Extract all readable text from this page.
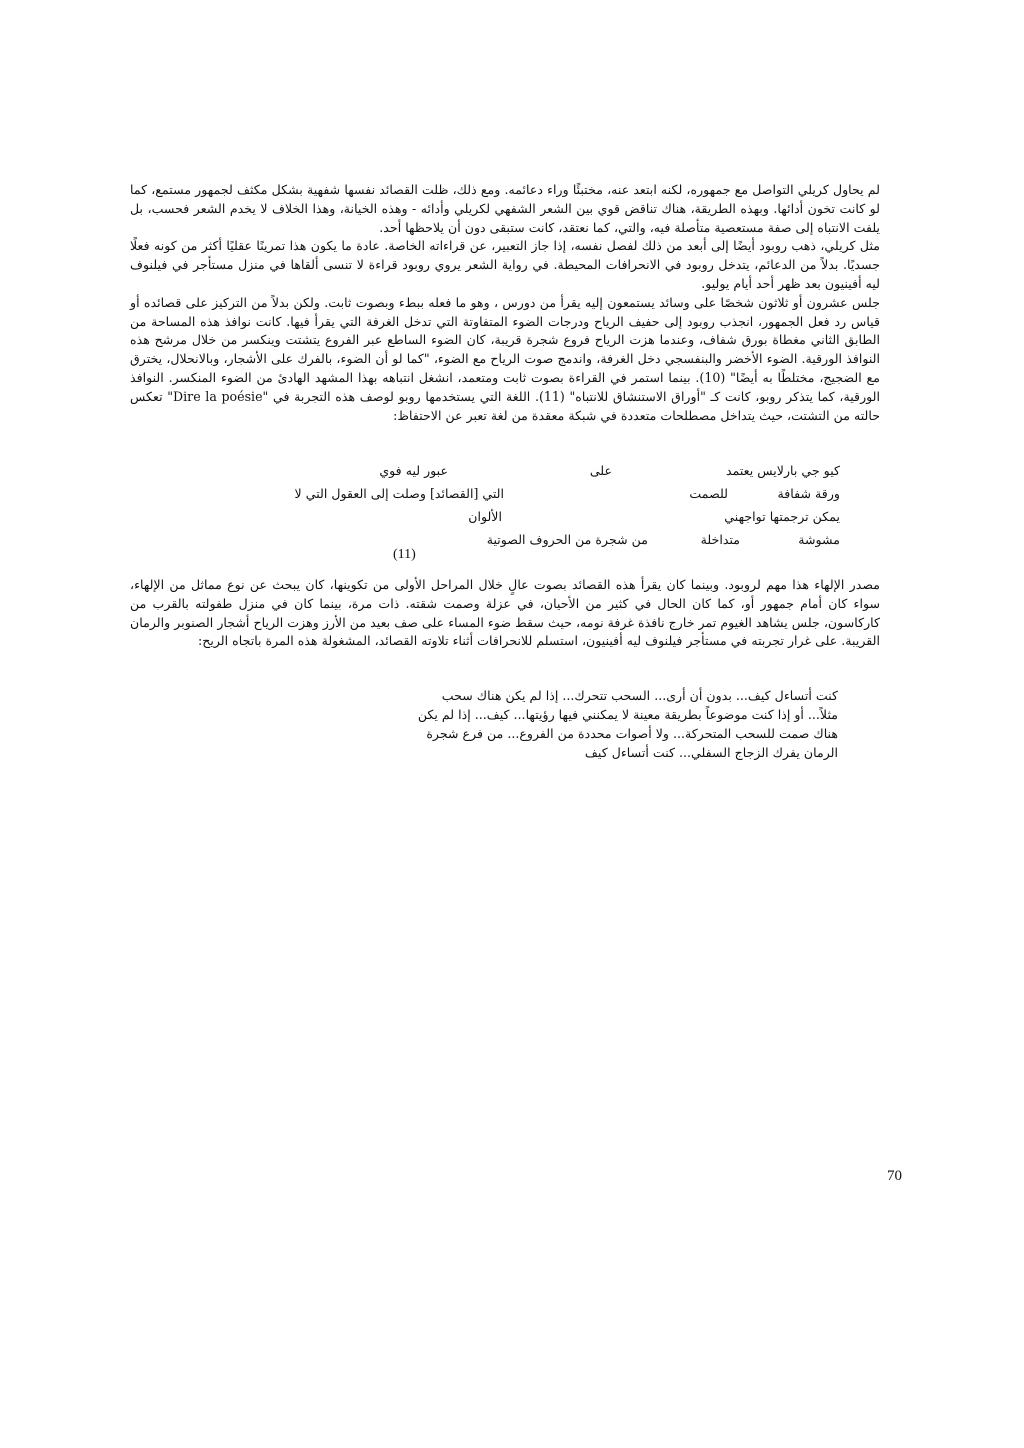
لم يحاول كريلي التواصل مع جمهوره، لكنه ابتعد عنه، مختبئًا وراء دعائمه. ومع ذلك، ظلت القصائد نفسها شفهية بشكل مكثف لجمهور مستمع، كما لو كانت تخون أدائها. وبهذه الطريقة، هناك تناقض قوي بين الشعر الشفهي لكريلي وأدائه - وهذه الخيانة، وهذا الخلاف لا يخدم الشعر فحسب، بل يلفت الانتباه إلى صفة مستعصية متأصلة فيه، والتي، كما نعتقد، كانت ستبقى دون أن يلاحظها أحد.

مثل كريلي، ذهب روبود أيضًا إلى أبعد من ذلك لفصل نفسه، إذا جاز التعبير، عن قراءاته الخاصة. عادة ما يكون هذا تمرينًا عقليًا أكثر من كونه فعلًا جسديًا. بدلاً من الدعائم، يتدخل روبود في الانحرافات المحيطة. في رواية الشعر يروي روبود قراءة لا تنسى ألقاها في منزل مستأجر في فيلنوف ليه أفينيون بعد ظهر أحد أيام يوليو.

جلس عشرون أو ثلاثون شخصًا على وسائد يستمعون إليه يقرأ من دورس ، وهو ما فعله ببطء وبصوت ثابت. ولكن بدلاً من التركيز على قصائده أو قياس رد فعل الجمهور، انجذب روبود إلى حفيف الرياح ودرجات الضوء المتفاوتة التي تدخل الغرفة التي يقرأ فيها. كانت نوافذ هذه المساحة من الطابق الثاني مغطاة بورق شفاف، وعندما هزت الرياح فروع شجرة قريبة، كان الضوء الساطع عبر الفروع يتشتت وينكسر من خلال مرشح هذه النوافذ الورقية. الضوء الأخضر والبنفسجي دخل الغرفة، واندمج صوت الرياح مع الضوء، "كما لو أن الضوء، بالفرك على الأشجار، وبالانحلال، يخترق مع الضجيج، مختلطًا به أيضًا" (10). بينما استمر في القراءة بصوت ثابت ومتعمد، انشغل انتباهه بهذا المشهد الهادئ من الضوء المنكسر. النوافذ الورقية، كما يتذكر روبو، كانت كـ "أوراق الاستنشاق للانتباه" (11). اللغة التي يستخدمها روبو لوصف هذه التجربة في "Dire la poésie" تعكس حالته من التشتت، حيث يتداخل مصطلحات متعددة في شبكة معقدة من لغة تعبر عن الاحتفاظ:

كيو جي بارلايس يعتمد
على
عبور ليه فوي
ورقة شفافة
للصمت
التي [القصائد] وصلت إلى العقول التي لا
يمكن ترجمتها تواجهني
الألوان
مشوشة
متداخلة
من شجرة من الحروف الصوتية
(11)

مصدر الإلهاء هذا مهم لروبود. وبينما كان يقرأ هذه القصائد بصوت عالٍ خلال المراحل الأولى من تكوينها، كان يبحث عن نوع مماثل من الإلهاء، سواء كان أمام جمهور أو، كما كان الحال في كثير من الأحيان، في عزلة وصمت شقته. ذات مرة، بينما كان في منزل طفولته بالقرب من كاركاسون، جلس يشاهد الغيوم تمر خارج نافذة غرفة نومه، حيث سقط ضوء المساء على صف بعيد من الأرز وهزت الرياح أشجار الصنوبر والرمان القريبة. على غرار تجربته في مستأجر فيلنوف ليه أفينيون، استسلم للانحرافات أثناء تلاوته القصائد، المشغولة هذه المرة باتجاه الريح:

كنت أتساءل كيف... بدون أن أرى... السحب تتحرك... إذا لم يكن هناك سحب
مثلاً... أو إذا كنت موضوعاً بطريقة معينة لا يمكنني فيها رؤيتها... كيف... إذا لم يكن
هناك صمت للسحب المتحركة... ولا أصوات محددة من الفروع... من فرع شجرة
الرمان يفرك الزجاج السفلي... كنت أتساءل كيف
70
